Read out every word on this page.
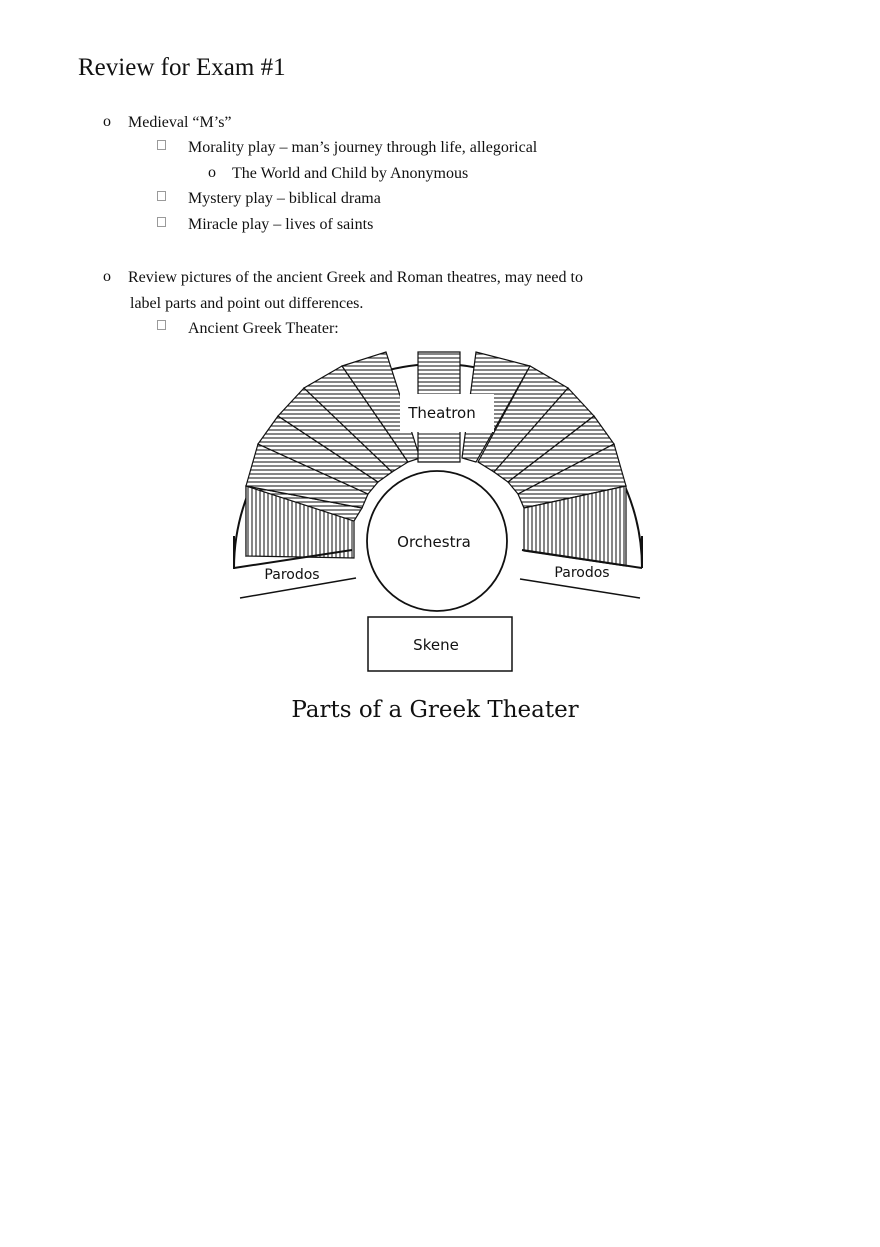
Review for Exam #1
o Medieval “M’s”
Morality play – man’s journey through life, allegorical
o The World and Child by Anonymous
Mystery play – biblical drama
Miracle play – lives of saints
o Review pictures of the ancient Greek and Roman theatres, may need to
label parts and point out differences.
Ancient Greek Theater:
Theatron
Orchestra
Parodos	Parodos
Skene
Parts of a Greek Theater
